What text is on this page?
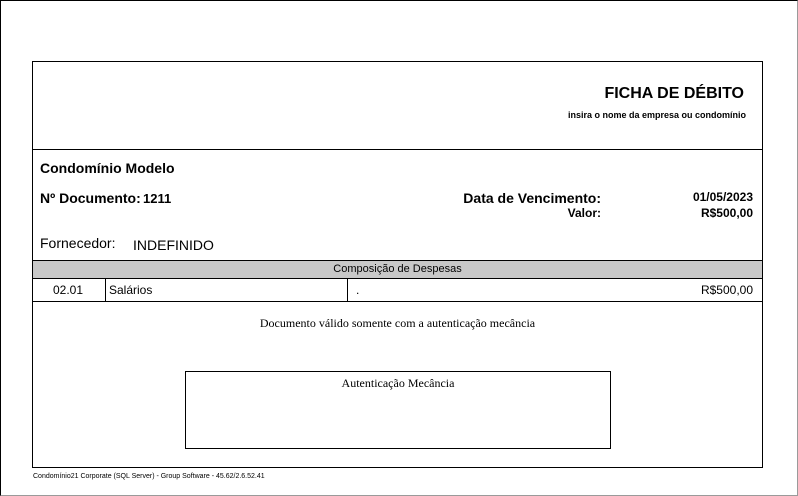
FICHA DE DÉBITO
insira o nome da empresa ou condomínio
Condomínio Modelo
Nº Documento: 1211	Data de Vencimento:	01/05/2023
Valor:	R$500,00
Fornecedor: INDEFINIDO
Composição de Despesas
02.01 Salários	.	R$500,00
Documento válido somente com a autenticação mecância
Autenticação Mecância
Condomínio21 Corporate (SQL Server) - Group Software - 45.62/2.6.52.41
